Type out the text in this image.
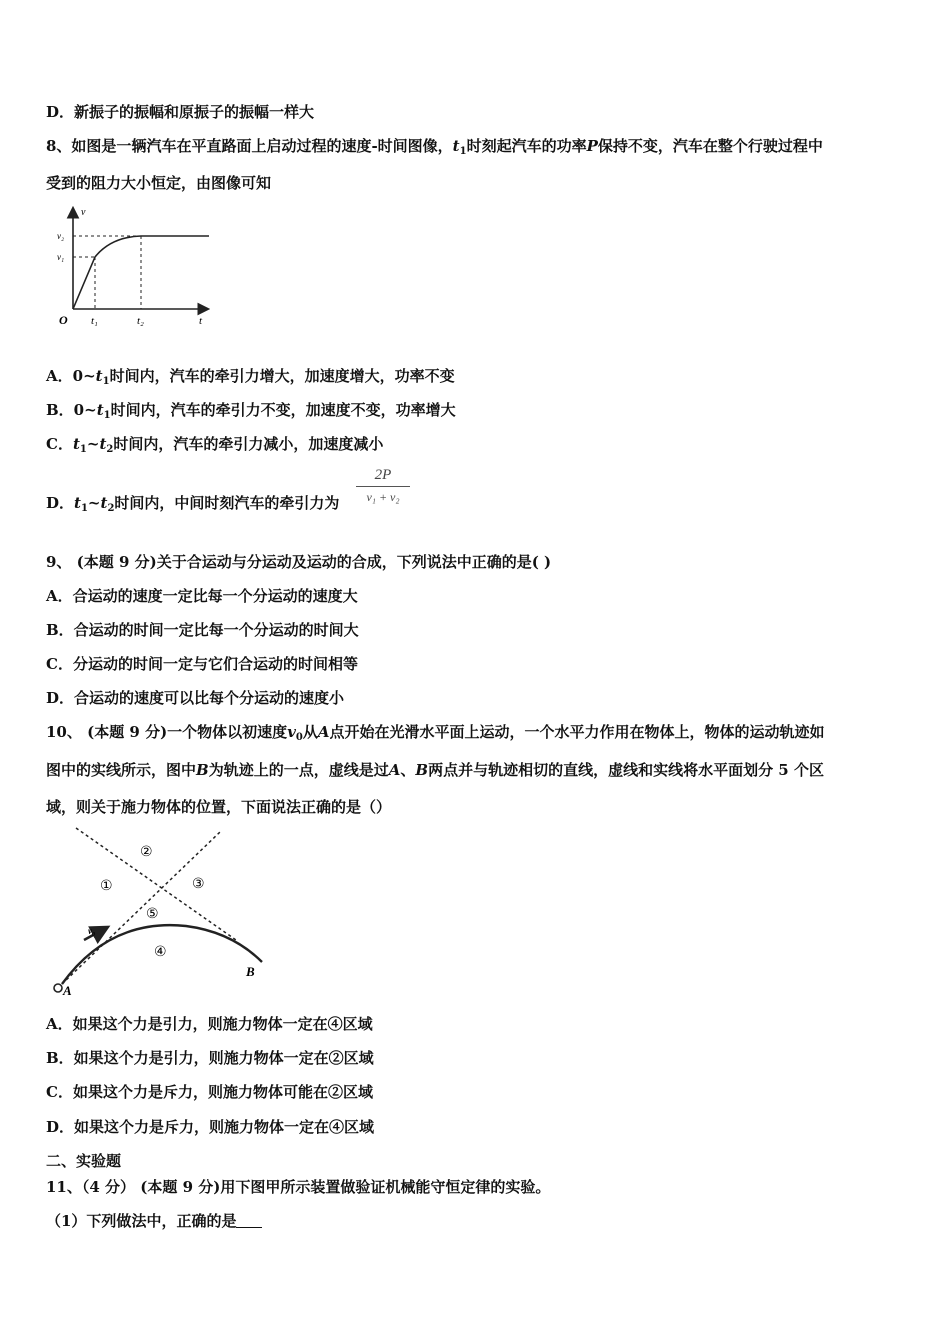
D．新振子的振幅和原振子的振幅一样大
8、如图是一辆汽车在平直路面上启动过程的速度-时间图像，$t_1$时刻起汽车的功率P保持不变，汽车在整个行驶过程中
受到的阻力大小恒定，由图像可知
v
v₂
v₁
O t₁	t₂	t
A．$0\sim t_1$时间内，汽车的牵引力增大，加速度增大，功率不变
B．$0\sim t_1$时间内，汽车的牵引力不变，加速度不变，功率增大
C．$t_1\sim t_2$时间内，汽车的牵引力减小，加速度减小
D．$t_1\sim t_2$时间内，中间时刻汽车的牵引力为
2P
v₁ + v₂
9、 (本题 9 分)关于合运动与分运动及运动的合成，下列说法中正确的是( )
A．合运动的速度一定比每一个分运动的速度大
B．合运动的时间一定比每一个分运动的时间大
C．分运动的时间一定与它们合运动的时间相等
D．合运动的速度可以比每个分运动的速度小
10、 (本题 9 分)一个物体以初速度$v_0$从A点开始在光滑水平面上运动，一个水平力作用在物体上，物体的运动轨迹如
图中的实线所示，图中B为轨迹上的一点，虚线是过A、B两点并与轨迹相切的直线，虚线和实线将水平面划分 5 个区
域，则关于施力物体的位置，下面说法正确的是（）
v₀
A
B
①
②
③
⑤
④
A．如果这个力是引力，则施力物体一定在④区域
B．如果这个力是引力，则施力物体一定在②区域
C．如果这个力是斥力，则施力物体可能在②区域
D．如果这个力是斥力，则施力物体一定在④区域
二、实验题
11、（4 分） (本题 9 分)用下图甲所示装置做验证机械能守恒定律的实验。
（1）下列做法中，正确的是
